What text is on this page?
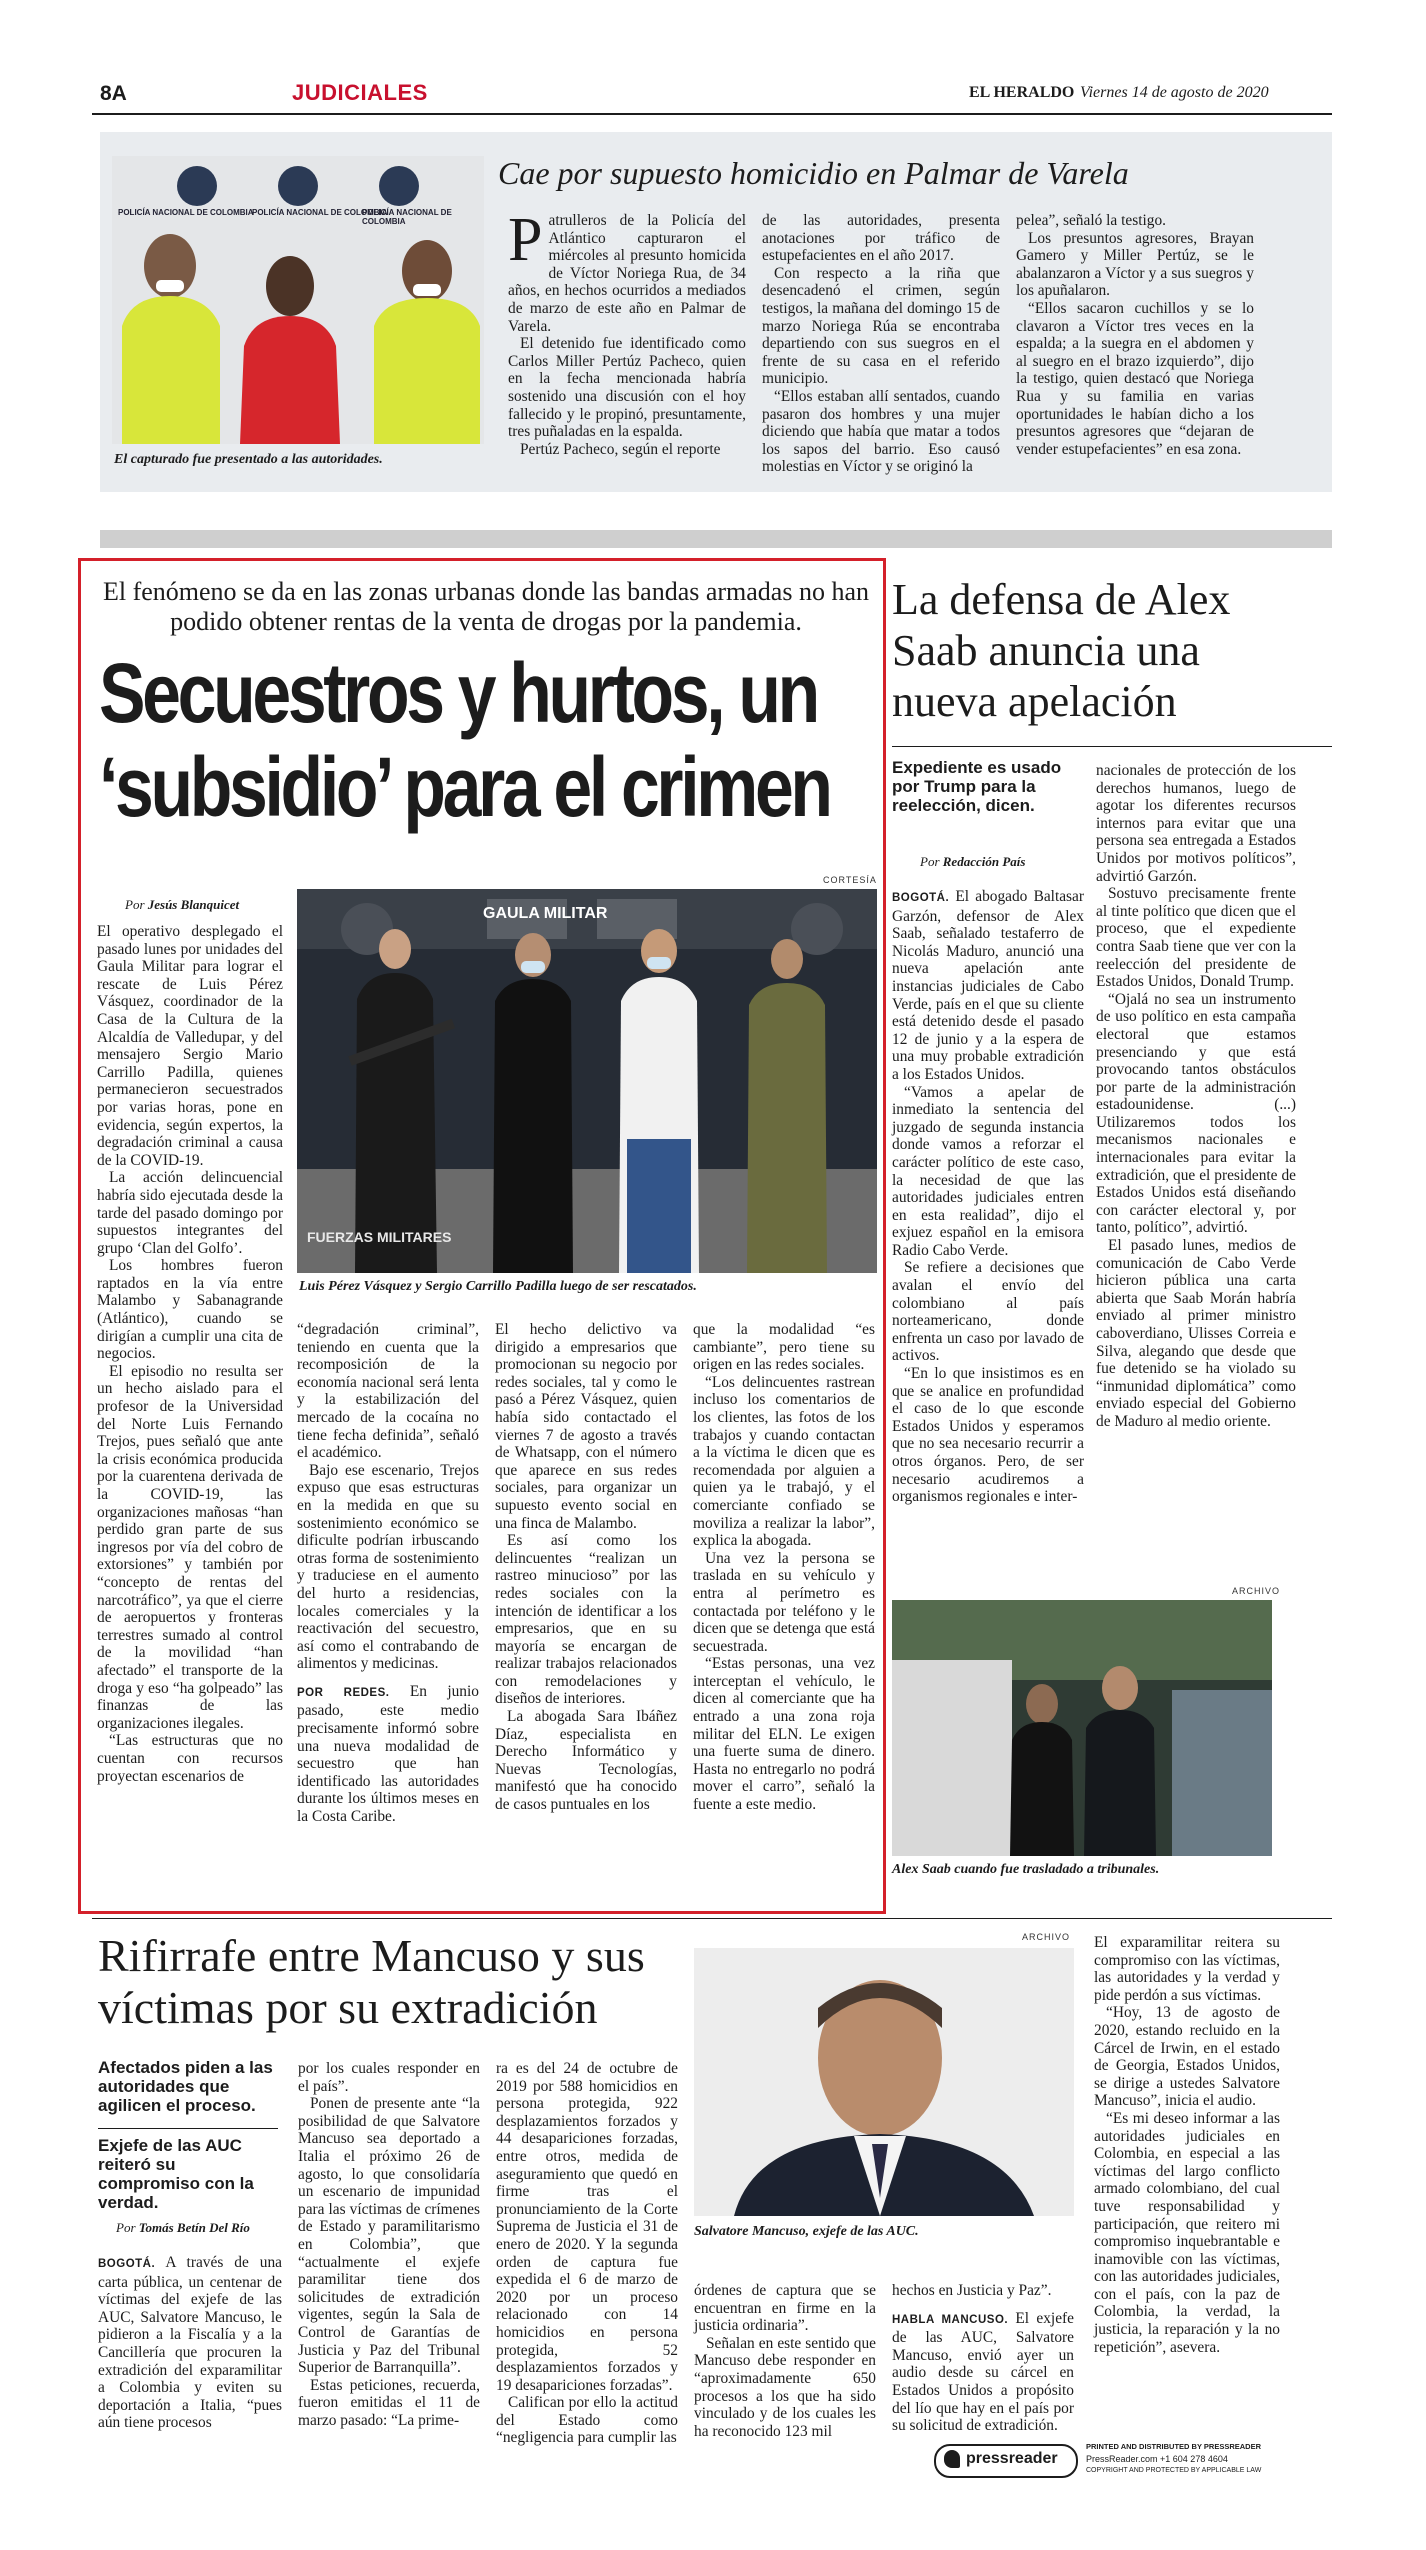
8A	JUDICIALES	EL HERALDO Viernes 14 de agosto de 2020
POLICÍA NACIONAL DE COLOMBIA
POLICÍA NACIONAL DE COLOMBIA
POLICÍA NACIONAL DE COLOMBIA
El capturado fue presentado a las autoridades.
Cae por supuesto homicidio en Palmar de Varela

Patrulleros de la Policía del Atlántico capturaron el miércoles al presunto homicida de Víctor Noriega Rua, de 34 años, en hechos ocurridos a mediados de marzo de este año en Palmar de Varela.

El detenido fue identificado como Carlos Miller Pertúz Pacheco, quien en la fecha mencionada habría sostenido una discusión con el hoy fallecido y le propinó, presuntamente, tres puñaladas en la espalda.

Pertúz Pacheco, según el reporte

de las autoridades, presenta anotaciones por tráfico de estupefacientes en el año 2017.

Con respecto a la riña que desencadenó el crimen, según testigos, la mañana del domingo 15 de marzo Noriega Rúa se encontraba departiendo con sus suegros en el frente de su casa en el referido municipio.

“Ellos estaban allí sentados, cuando pasaron dos hombres y una mujer diciendo que había que matar a todos los sapos del barrio. Eso causó molestias en Víctor y se originó la

pelea”, señaló la testigo.

Los presuntos agresores, Brayan Gamero y Miller Pertúz, se le abalanzaron a Víctor y a sus suegros y los apuñalaron.

“Ellos sacaron cuchillos y se lo clavaron a Víctor tres veces en la espalda; a la suegra en el abdomen y al suegro en el brazo izquierdo”, dijo la testigo, quien destacó que Noriega Rua y su familia en varias oportunidades le habían dicho a los presuntos agresores que “dejaran de vender estupefacientes” en esa zona.

El fenómeno se da en las zonas urbanas donde las bandas armadas no han podido obtener rentas de la venta de drogas por la pandemia.
Secuestros y hurtos, un
‘subsidio’ para el crimen
Por Jesús Blanquicet
CORTESÍA
GAULA MILITAR
FUERZAS MILITARES
Luis Pérez Vásquez y Sergio Carrillo Padilla luego de ser rescatados.

El operativo desplegado el pasado lunes por unidades del Gaula Militar para lograr el rescate de Luis Pérez Vásquez, coordinador de la Casa de la Cultura de la Alcaldía de Valledupar, y del mensajero Sergio Mario Carrillo Padilla, quienes permanecieron secuestrados por varias horas, pone en evidencia, según expertos, la degradación criminal a causa de la COVID-19.

La acción delincuencial habría sido ejecutada desde la tarde del pasado domingo por supuestos integrantes del grupo ‘Clan del Golfo’.

Los hombres fueron raptados en la vía entre Malambo y Sabanagrande (Atlántico), cuando se dirigían a cumplir una cita de negocios.

El episodio no resulta ser un hecho aislado para el profesor de la Universidad del Norte Luis Fernando Trejos, pues señaló que ante la crisis económica producida por la cuarentena derivada de la COVID-19, las organizaciones mañosas “han perdido gran parte de sus ingresos por vía del cobro de extorsiones” y también por “concepto de rentas del narcotráfico”, ya que el cierre de aeropuertos y fronteras terrestres sumado al control de la movilidad “han afectado” el transporte de la droga y eso “ha golpeado” las finanzas de las organizaciones ilegales.

“Las estructuras que no cuentan con recursos proyectan escenarios de

“degradación criminal”, teniendo en cuenta que la recomposición de la economía nacional será lenta y la estabilización del mercado de la cocaína no tiene fecha definida”, señaló el académico.

Bajo ese escenario, Trejos expuso que esas estructuras en la medida en que su sostenimiento económico se dificulte podrían irbuscando otras forma de sostenimiento y traduciese en el aumento del hurto a residencias, locales comerciales y la reactivación del secuestro, así como el contrabando de alimentos y medicinas.

POR REDES. En junio pasado, este medio precisamente informó sobre una nueva modalidad de secuestro que han identificado las autoridades durante los últimos meses en la Costa Caribe.

El hecho delictivo va dirigido a empresarios que promocionan su negocio por redes sociales, tal y como le pasó a Pérez Vásquez, quien había sido contactado el viernes 7 de agosto a través de Whatsapp, con el número que aparece en sus redes sociales, para organizar un supuesto evento social en una finca de Malambo.

Es así como los delincuentes “realizan un rastreo minucioso” por las redes sociales con la intención de identificar a los empresarios, que en su mayoría se encargan de realizar trabajos relacionados con remodelaciones y diseños de interiores.

La abogada Sara Ibáñez Díaz, especialista en Derecho Informático y Nuevas Tecnologías, manifestó que ha conocido de casos puntuales en los

que la modalidad “es cambiante”, pero tiene su origen en las redes sociales.

“Los delincuentes rastrean incluso los comentarios de los clientes, las fotos de los trabajos y cuando contactan a la víctima le dicen que es recomendada por alguien a quien ya le trabajó, y el comerciante confiado se moviliza a realizar la labor”, explica la abogada.

Una vez la persona se traslada en su vehículo y entra al perímetro es contactada por teléfono y le dicen que se detenga que está secuestrada.

“Estas personas, una vez interceptan el vehículo, le dicen al comerciante que ha entrado a una zona roja militar del ELN. Le exigen una fuerte suma de dinero. Hasta no entregarlo no podrá mover el carro”, señaló la fuente a este medio.

La defensa de Alex Saab anuncia una nueva apelación
Expediente es usado por Trump para la reelección, dicen.
Por Redacción País

BOGOTÁ. El abogado Baltasar Garzón, defensor de Alex Saab, señalado testaferro de Nicolás Maduro, anunció una nueva apelación ante instancias judiciales de Cabo Verde, país en el que su cliente está detenido desde el pasado 12 de junio y a la espera de una muy probable extradición a los Estados Unidos.

“Vamos a apelar de inmediato la sentencia del juzgado de segunda instancia donde vamos a reforzar el carácter político de este caso, la necesidad de que las autoridades judiciales entren en esta realidad”, dijo el exjuez español en la emisora Radio Cabo Verde.

Se refiere a decisiones que avalan el envío del colombiano al país norteamericano, donde enfrenta un caso por lavado de activos.

“En lo que insistimos es en que se analice en profundidad el caso de lo que esconde Estados Unidos y esperamos que no sea necesario recurrir a otros órganos. Pero, de ser necesario acudiremos a organismos regionales e inter-

nacionales de protección de los derechos humanos, luego de agotar los diferentes recursos internos para evitar que una persona sea entregada a Estados Unidos por motivos políticos”, advirtió Garzón.

Sostuvo precisamente frente al tinte político que dicen que el proceso, que el expediente contra Saab tiene que ver con la reelección del presidente de Estados Unidos, Donald Trump.

“Ojalá no sea un instrumento de uso político en esta campaña electoral que estamos presenciando y que está provocando tantos obstáculos por parte de la administración estadounidense. (...) Utilizaremos todos los mecanismos nacionales e internacionales para evitar la extradición, que el presidente de Estados Unidos está diseñando con carácter electoral y, por tanto, político”, advirtió.

El pasado lunes, medios de comunicación de Cabo Verde hicieron pública una carta abierta que Saab Morán habría enviado al primer ministro caboverdiano, Ulisses Correia e Silva, alegando que desde que fue detenido se ha violado su “inmunidad diplomática” como enviado especial del Gobierno de Maduro al medio oriente.

ARCHIVO
Alex Saab cuando fue trasladado a tribunales.
Rifirrafe entre Mancuso y sus víctimas por su extradición
Afectados piden a las autoridades que agilicen el proceso.
Exjefe de las AUC reiteró su compromiso con la verdad.
Por Tomás Betín Del Río

BOGOTÁ. A través de una carta pública, un centenar de víctimas del exjefe de las AUC, Salvatore Mancuso, le pidieron a la Fiscalía y a la Cancillería que procuren la extradición del exparamilitar a Colombia y eviten su deportación a Italia, “pues aún tiene procesos

por los cuales responder en el país”.

Ponen de presente ante “la posibilidad de que Salvatore Mancuso sea deportado a Italia el próximo 26 de agosto, lo que consolidaría un escenario de impunidad para las víctimas de crímenes de Estado y paramilitarismo en Colombia”, que “actualmente el exjefe paramilitar tiene dos solicitudes de extradición vigentes, según la Sala de Control de Garantías de Justicia y Paz del Tribunal Superior de Barranquilla”.

Estas peticiones, recuerda, fueron emitidas el 11 de marzo pasado: “La prime-

ra es del 24 de octubre de 2019 por 588 homicidios en persona protegida, 922 desplazamientos forzados y 44 desapariciones forzadas, entre otros, medida de aseguramiento que quedó en firme tras el pronunciamiento de la Corte Suprema de Justicia el 31 de enero de 2020. Y la segunda orden de captura fue expedida el 6 de marzo de 2020 por un proceso relacionado con 14 homicidios en persona protegida, 52 desplazamientos forzados y 19 desapariciones forzadas”.

Califican por ello la actitud del Estado como “negligencia para cumplir las

ARCHIVO
Salvatore Mancuso, exjefe de las AUC.

órdenes de captura que se encuentran en firme en la justicia ordinaria”.

Señalan en este sentido que Mancuso debe responder en “aproximadamente 650 procesos a los que ha sido vinculado y de los cuales les ha reconocido 123 mil

hechos en Justicia y Paz”.

HABLA MANCUSO. El exjefe de las AUC, Salvatore Mancuso, envió ayer un audio desde su cárcel en Estados Unidos a propósito del lío que hay en el país por su solicitud de extradición.

El exparamilitar reitera su compromiso con las víctimas, las autoridades y la verdad y pide perdón a sus víctimas.

“Hoy, 13 de agosto de 2020, estando recluido en la Cárcel de Irwin, en el estado de Georgia, Estados Unidos, se dirige a ustedes Salvatore Mancuso”, inicia el audio.

“Es mi deseo informar a las autoridades judiciales en Colombia, en especial a las víctimas del largo conflicto armado colombiano, del cual tuve responsabilidad y participación, que reitero mi compromiso inquebrantable e inamovible con las víctimas, con las autoridades judiciales, con el país, con la paz de Colombia, la verdad, la justicia, la reparación y la no repetición”, asevera.

pressreader
PRINTED AND DISTRIBUTED BY PRESSREADER
PressReader.com +1 604 278 4604
COPYRIGHT AND PROTECTED BY APPLICABLE LAW
